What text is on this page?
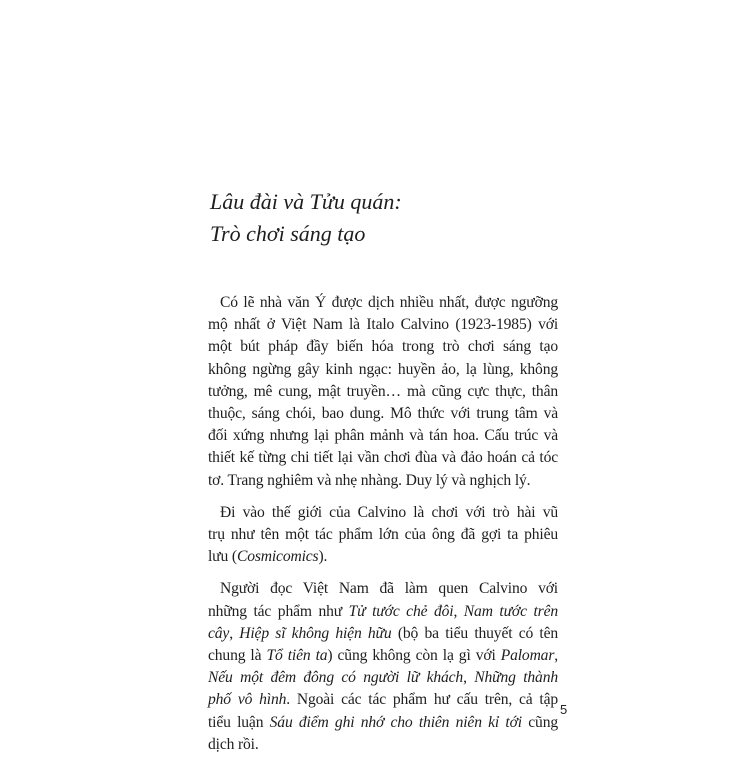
Lâu đài và Tửu quán:
Trò chơi sáng tạo
Có lẽ nhà văn Ý được dịch nhiều nhất, được ngưỡng
mộ nhất ở Việt Nam là Italo Calvino (1923-1985) với
một bút pháp đầy biến hóa trong trò chơi sáng tạo
không ngừng gây kinh ngạc: huyền ảo, lạ lùng, không
tưởng, mê cung, mật truyền… mà cũng cực thực, thân
thuộc, sáng chói, bao dung. Mô thức với trung tâm và
đối xứng nhưng lại phân mảnh và tán hoa. Cấu trúc và
thiết kế từng chi tiết lại vần chơi đùa và đảo hoán cả tóc
tơ. Trang nghiêm và nhẹ nhàng. Duy lý và nghịch lý.
Đi vào thế giới của Calvino là chơi với trò hài vũ
trụ như tên một tác phẩm lớn của ông đã gợi ta phiêu
lưu (Cosmicomics).
Người đọc Việt Nam đã làm quen Calvino với
những tác phẩm như Tử tước chẻ đôi, Nam tước trên
cây, Hiệp sĩ không hiện hữu (bộ ba tiểu thuyết có tên
chung là Tổ tiên ta) cũng không còn lạ gì với Palomar,
Nếu một đêm đông có người lữ khách, Những thành
phố vô hình. Ngoài các tác phẩm hư cấu trên, cả tập
tiểu luận Sáu điểm ghi nhớ cho thiên niên kỉ tới cũng
dịch rồi.
5
